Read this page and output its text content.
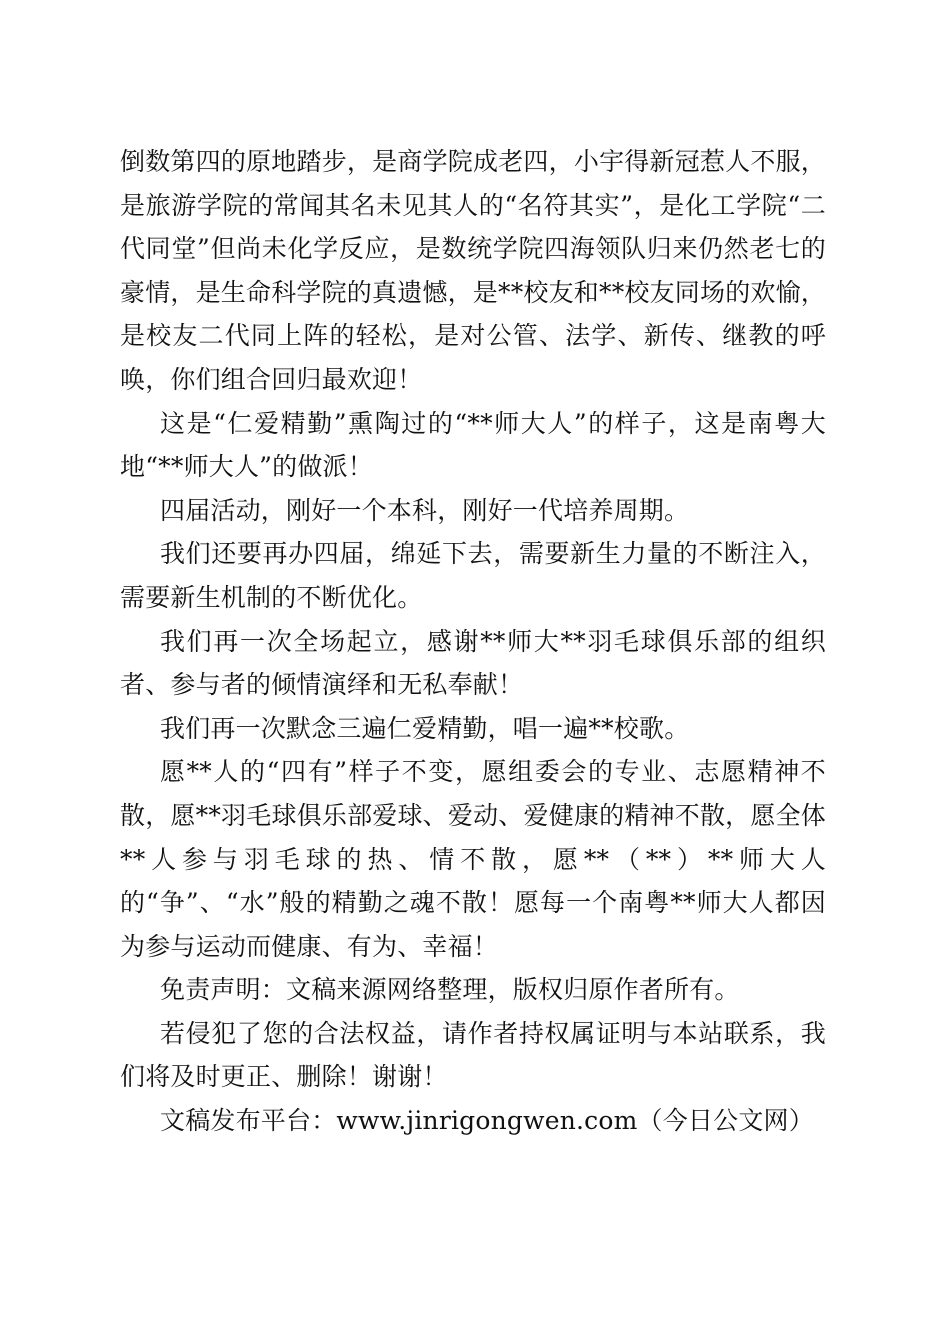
倒数第四的原地踏步，是商学院成老四，小宇得新冠惹人不服，是旅游学院的常闻其名未见其人的“名符其实”，是化工学院“二代同堂”但尚未化学反应，是数统学院四海领队归来仍然老七的豪情，是生命科学院的真遗憾，是**校友和**校友同场的欢愉，是校友二代同上阵的轻松，是对公管、法学、新传、继教的呼唤，你们组合回归最欢迎！

这是“仁爱精勤”熏陶过的“**师大人”的样子，这是南粤大地“**师大人”的做派！

四届活动，刚好一个本科，刚好一代培养周期。

我们还要再办四届，绵延下去，需要新生力量的不断注入，需要新生机制的不断优化。

我们再一次全场起立，感谢**师大**羽毛球俱乐部的组织者、参与者的倾情演绎和无私奉献！

我们再一次默念三遍仁爱精勤，唱一遍**校歌。

愿**人的“四有”样子不变，愿组委会的专业、志愿精神不散，愿**羽毛球俱乐部爱球、爱动、爱健康的精神不散，愿全体**人参与羽毛球的热、情不散，愿**（**）**师大人的“争”、“水”般的精勤之魂不散！愿每一个南粤**师大人都因为参与运动而健康、有为、幸福！

免责声明：文稿来源网络整理，版权归原作者所有。

若侵犯了您的合法权益，请作者持权属证明与本站联系，我们将及时更正、删除！谢谢！

文稿发布平台：www.jinrigongwen.com（今日公文网）
